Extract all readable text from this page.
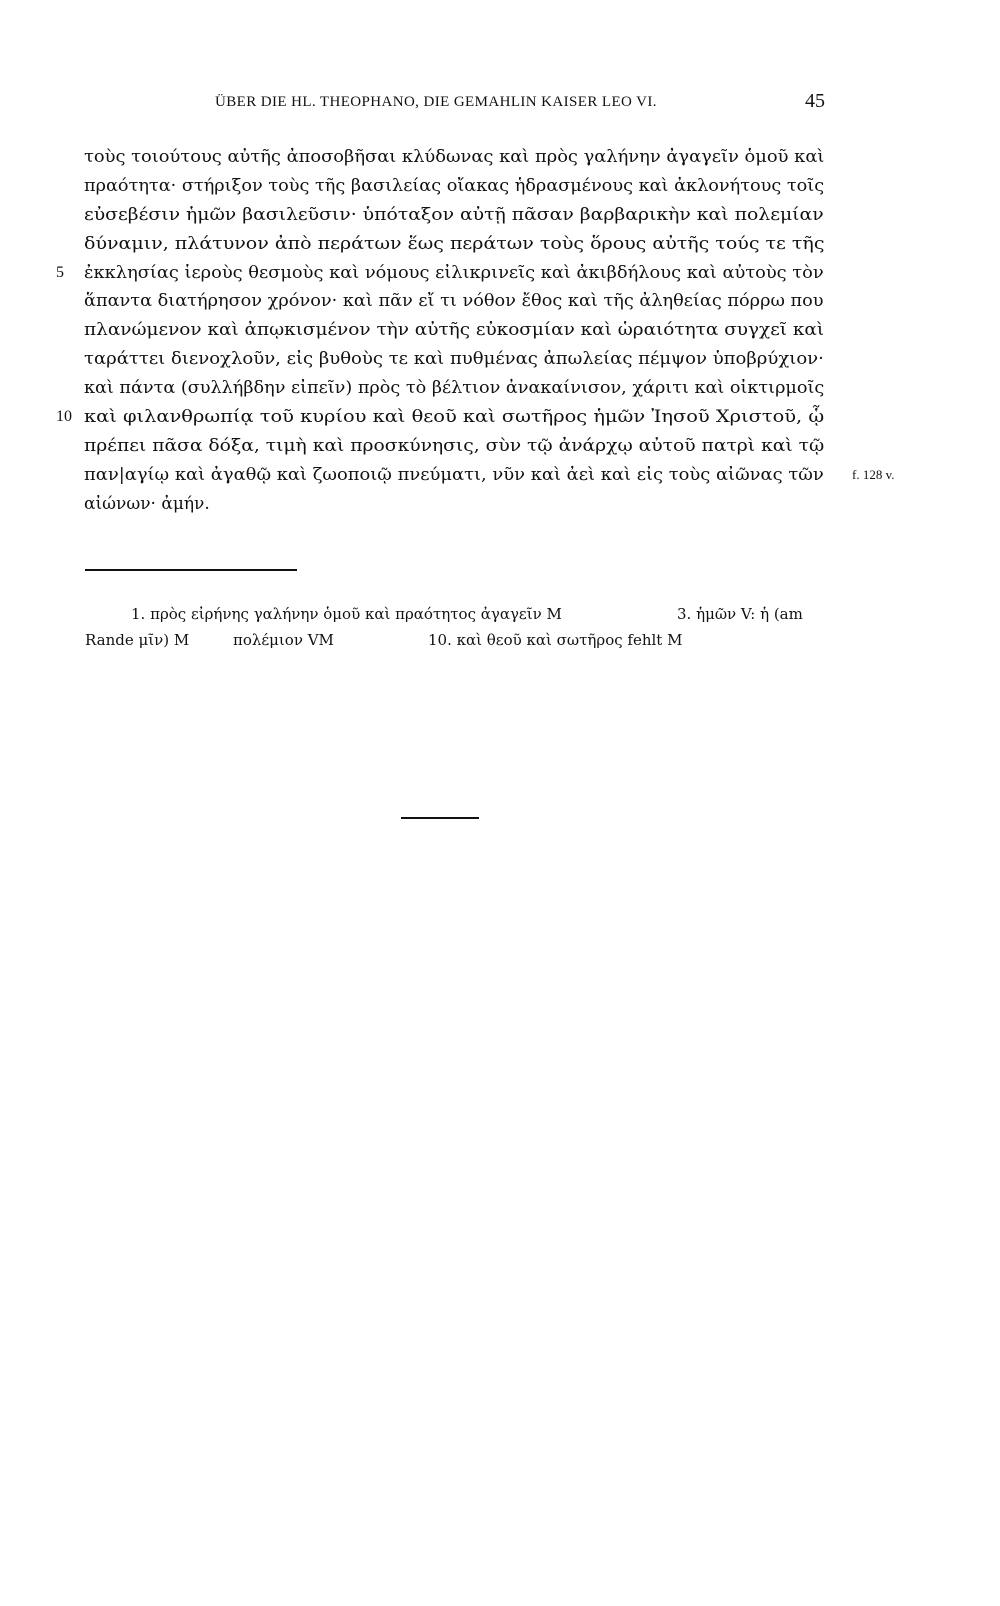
ÜBER DIE HL. THEOPHANO, DIE GEMAHLIN KAISER LEO VI.	45
τοὺς τοιούτους αὐτῆς ἀποσοβῆσαι κλύδωνας καὶ πρὸς γαλήνην ἀγαγεῖν ὁμοῦ καὶ
πραότητα· στήριξον τοὺς τῆς βασιλείας οἴακας ἡδρασμένους καὶ ἀκλονήτους τοῖς
εὐσεβέσιν ἡμῶν βασιλεῦσιν· ὑπόταξον αὐτῇ πᾶσαν βαρβαρικὴν καὶ πολεμίαν
δύναμιν, πλάτυνον ἀπὸ περάτων ἕως περάτων τοὺς ὅρους αὐτῆς τούς τε τῆς
5 ἐκκλησίας ἱεροὺς θεσμοὺς καὶ νόμους εἰλικρινεῖς καὶ ἀκιβδήλους καὶ αὐτοὺς τὸν
ἅπαντα διατήρησον χρόνον· καὶ πᾶν εἴ τι νόθον ἔθος καὶ τῆς ἀληθείας πόρρω που
πλανώμενον καὶ ἀπῳκισμένον τὴν αὐτῆς εὐκοσμίαν καὶ ὡραιότητα συγχεῖ καὶ
ταράττει διενοχλοῦν, εἰς βυθοὺς τε καὶ πυθμένας ἀπωλείας πέμψον ὑποβρύχιον·
καὶ πάντα (συλλήβδην εἰπεῖν) πρὸς τὸ βέλτιον ἀνακαίνισον, χάριτι καὶ οἰκτιρμοῖς
10 καὶ φιλανθρωπίᾳ τοῦ κυρίου καὶ θεοῦ καὶ σωτῆρος ἡμῶν Ἰησοῦ Χριστοῦ, ᾧ
πρέπει πᾶσα δόξα, τιμὴ καὶ προσκύνησις, σὺν τῷ ἀνάρχῳ αὐτοῦ πατρὶ καὶ τῷ
παν|αγίῳ καὶ ἀγαθῷ καὶ ζωοποιῷ πνεύματι, νῦν καὶ ἀεὶ καὶ εἰς τοὺς αἰῶνας τῶν f. 128 v.
αἰώνων· ἀμήν.
1. πρὸς εἰρήνης γαλήνην ὁμοῦ καὶ πραότητος ἀγαγεῖν M	3. ἡμῶν V: ἡ (am
Rande μῖν) M	πολέμιον VM	10. καὶ θεοῦ καὶ σωτῆρος fehlt M
